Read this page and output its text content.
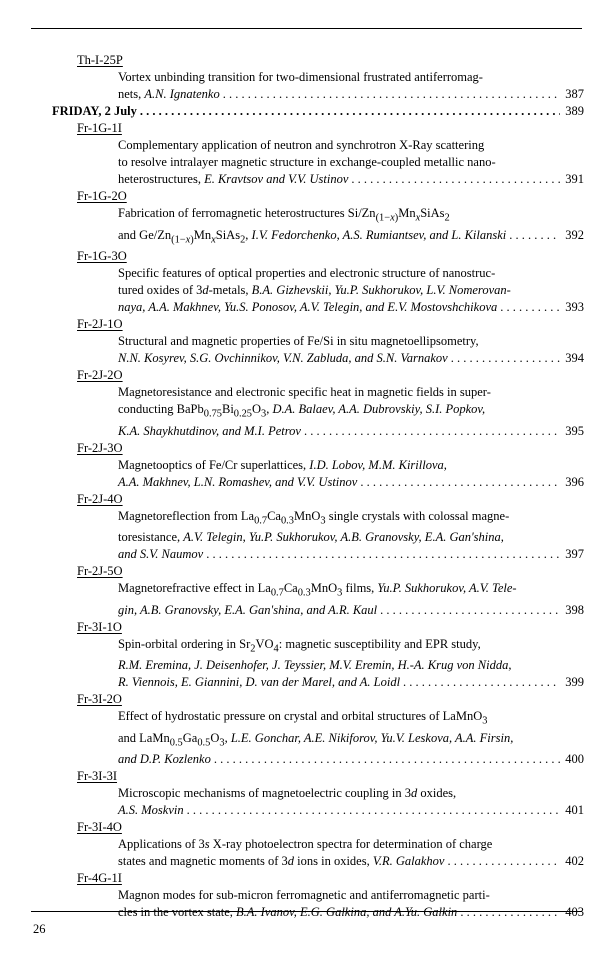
Th-I-25P
Vortex unbinding transition for two-dimensional frustrated antiferromag-
nets, A.N. Ignatenko . . .	387
FRIDAY, 2 July . . .	389
Fr-1G-1I
Complementary application of neutron and synchrotron X-Ray scattering
to resolve intralayer magnetic structure in exchange-coupled metallic nano-
heterostructures, E. Kravtsov and V.V. Ustinov . . .	391
Fr-1G-2O
Fabrication of ferromagnetic heterostructures $Si/Zn_{(1-x)}Mn_xSiAs_2$
and $Ge/Zn_{(1-x)}Mn_xSiAs_2$, I.V. Fedorchenko, A.S. Rumiantsev, and L. Kilanski . . .	392
Fr-1G-3O
Specific features of optical properties and electronic structure of nanostruc-
tured oxides of 3d-metals, B.A. Gizhevskii, Yu.P. Sukhorukov, L.V. Nomerovan-
naya, A.A. Makhnev, Yu.S. Ponosov, A.V. Telegin, and E.V. Mostovshchikova . . .	393
Fr-2J-1O
Structural and magnetic properties of Fe/Si in situ magnetoellipsometry,
N.N. Kosyrev, S.G. Ovchinnikov, V.N. Zabluda, and S.N. Varnakov . . .	394
Fr-2J-2O
Magnetoresistance and electronic specific heat in magnetic fields in super-
conducting $BaPb_{0.75}Bi_{0.25}O_3$, D.A. Balaev, A.A. Dubrovskiy, S.I. Popkov,
K.A. Shaykhutdinov, and M.I. Petrov . . .	395
Fr-2J-3O
Magnetooptics of Fe/Cr superlattices, I.D. Lobov, M.M. Kirillova,
A.A. Makhnev, L.N. Romashev, and V.V. Ustinov . . .	396
Fr-2J-4O
Magnetoreflection from $La_{0.7}Ca_{0.3}MnO_3$ single crystals with colossal magne-
toresistance, A.V. Telegin, Yu.P. Sukhorukov, A.B. Granovsky, E.A. Gan'shina,
and S.V. Naumov . . .	397
Fr-2J-5O
Magnetorefractive effect in $La_{0.7}Ca_{0.3}MnO_3$ films, Yu.P. Sukhorukov, A.V. Tele-
gin, A.B. Granovsky, E.A. Gan'shina, and A.R. Kaul . . .	398
Fr-3I-1O
Spin-orbital ordering in $Sr_2VO_4$: magnetic susceptibility and EPR study,
R.M. Eremina, J. Deisenhofer, J. Teyssier, M.V. Eremin, H.-A. Krug von Nidda,
R. Viennois, E. Giannini, D. van der Marel, and A. Loidl . . .	399
Fr-3I-2O
Effect of hydrostatic pressure on crystal and orbital structures of LaMnO$_3$
and $LaMn_{0.5}Ga_{0.5}O_3$, L.E. Gonchar, A.E. Nikiforov, Yu.V. Leskova, A.A. Firsin,
and D.P. Kozlenko . . .	400
Fr-3I-3I
Microscopic mechanisms of magnetoelectric coupling in 3d oxides,
A.S. Moskvin . . .	401
Fr-3I-4O
Applications of 3s X-ray photoelectron spectra for determination of charge
states and magnetic moments of 3d ions in oxides, V.R. Galakhov . . .	402
Fr-4G-1I
Magnon modes for sub-micron ferromagnetic and antiferromagnetic parti-
cles in the vortex state, B.A. Ivanov, E.G. Galkina, and A.Yu. Galkin . . .	403
26
